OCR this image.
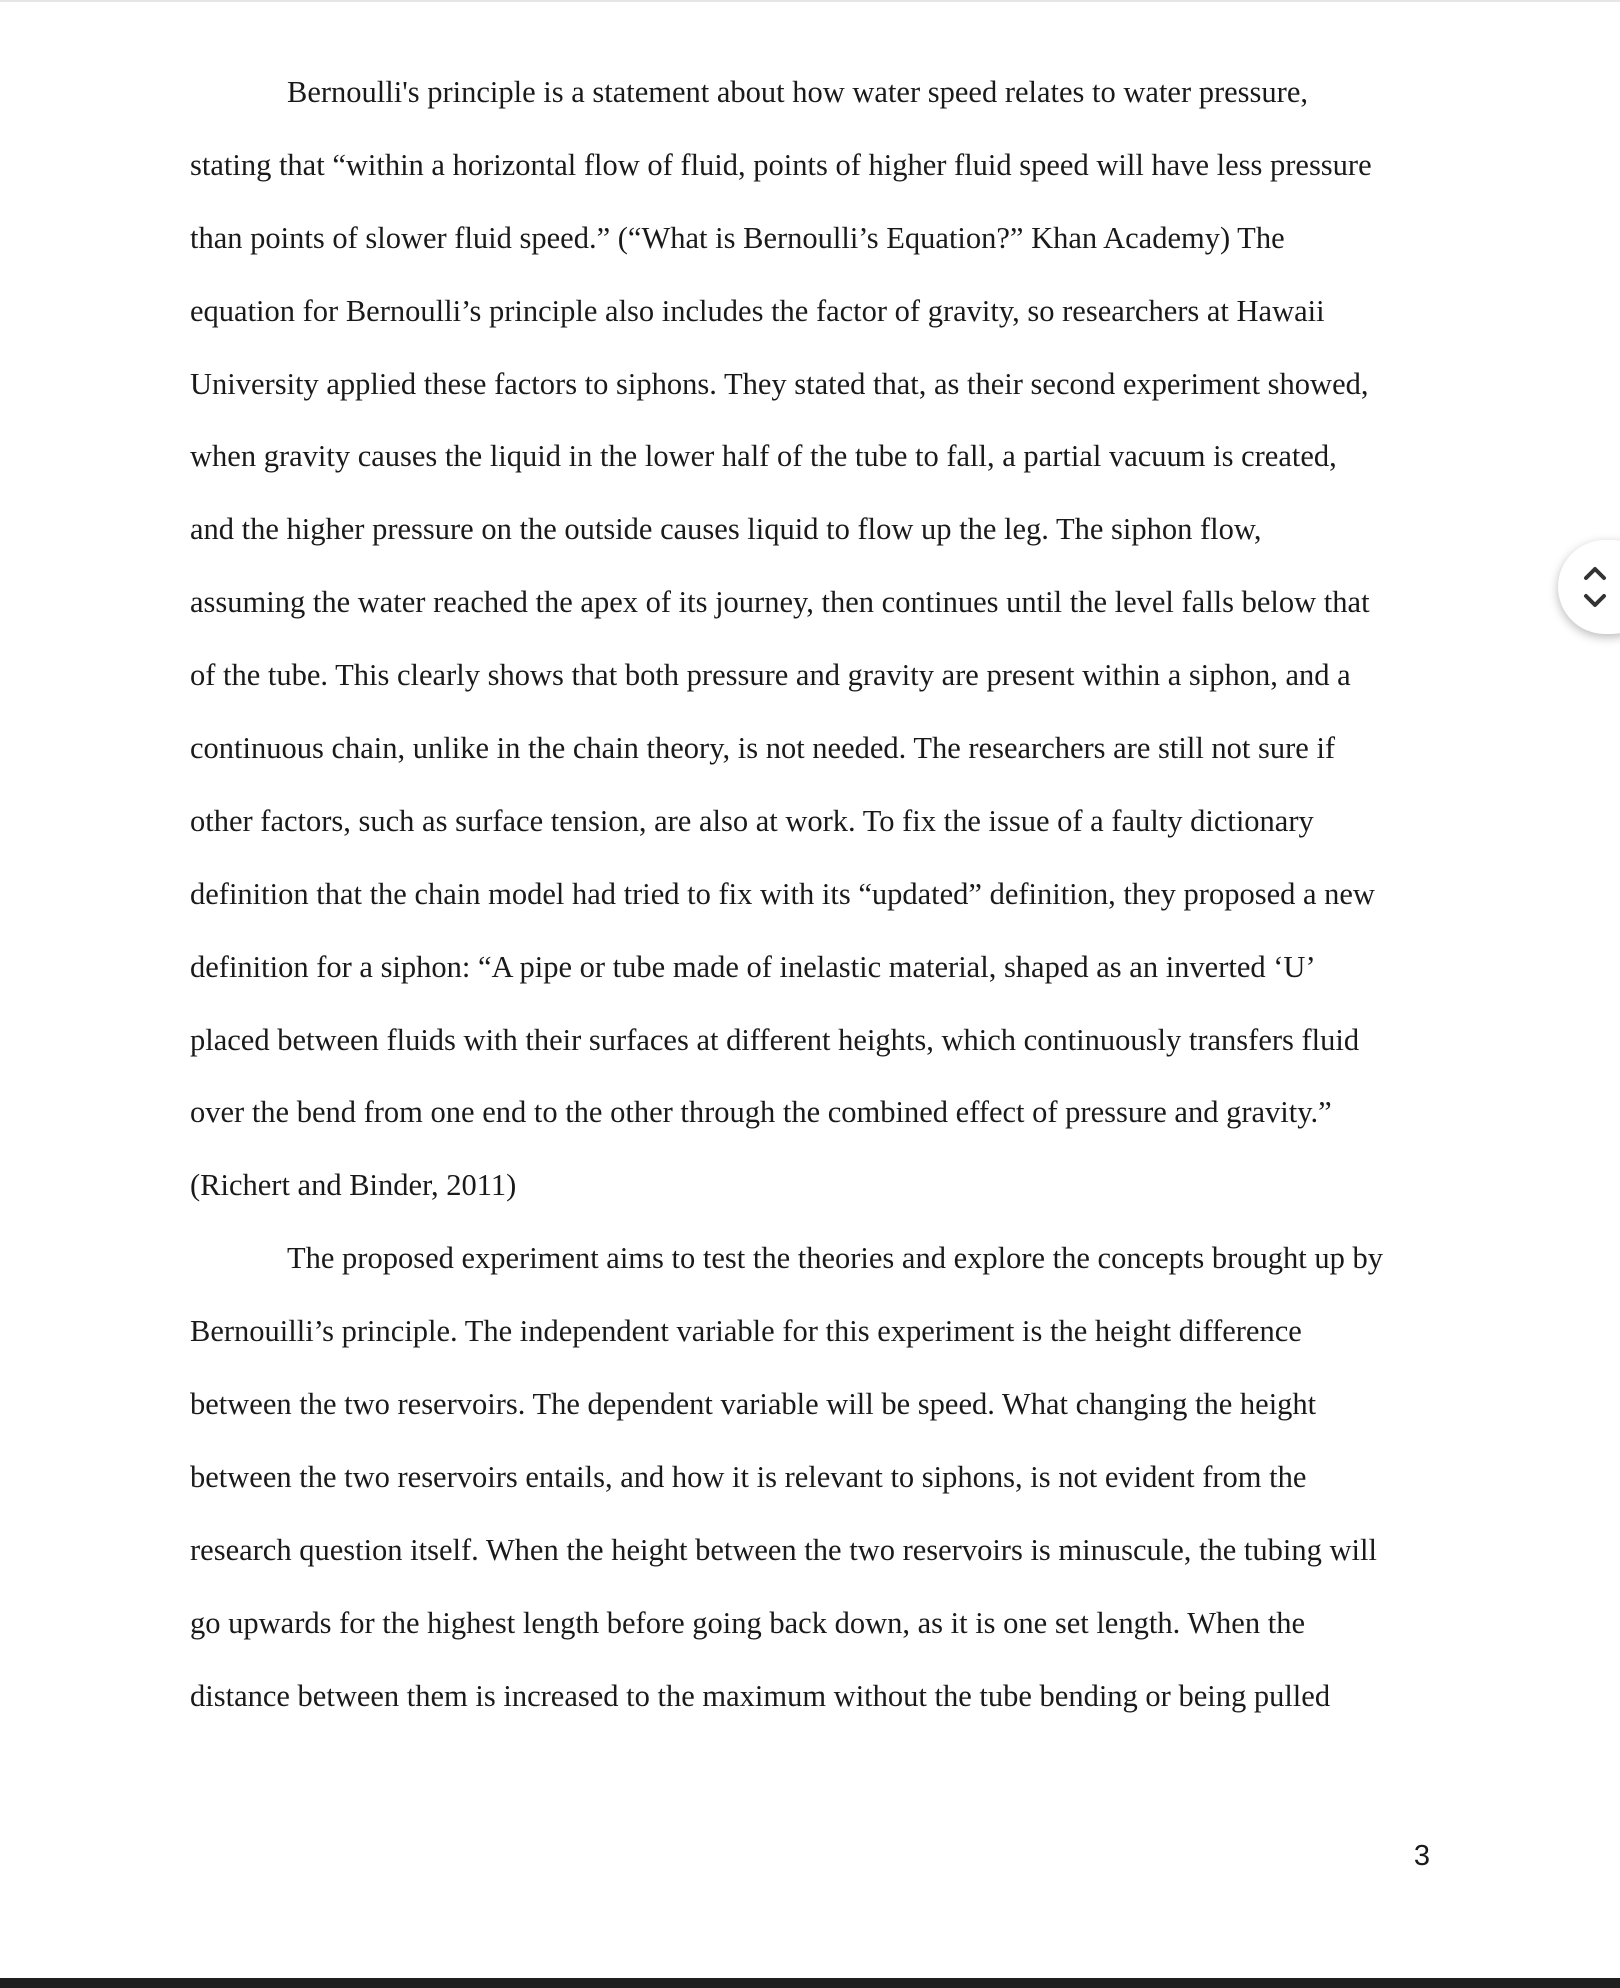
Bernoulli's principle is a statement about how water speed relates to water pressure,
stating that “within a horizontal flow of fluid, points of higher fluid speed will have less pressure
than points of slower fluid speed.” (“What is Bernoulli’s Equation?” Khan Academy) The
equation for Bernoulli’s principle also includes the factor of gravity, so researchers at Hawaii
University applied these factors to siphons. They stated that, as their second experiment showed,
when gravity causes the liquid in the lower half of the tube to fall, a partial vacuum is created,
and the higher pressure on the outside causes liquid to flow up the leg. The siphon flow,
assuming the water reached the apex of its journey, then continues until the level falls below that
of the tube. This clearly shows that both pressure and gravity are present within a siphon, and a
continuous chain, unlike in the chain theory, is not needed. The researchers are still not sure if
other factors, such as surface tension, are also at work. To fix the issue of a faulty dictionary
definition that the chain model had tried to fix with its “updated” definition, they proposed a new
definition for a siphon: “A pipe or tube made of inelastic material, shaped as an inverted ‘U’
placed between fluids with their surfaces at different heights, which continuously transfers fluid
over the bend from one end to the other through the combined effect of pressure and gravity.”
(Richert and Binder, 2011)
The proposed experiment aims to test the theories and explore the concepts brought up by
Bernouilli’s principle. The independent variable for this experiment is the height difference
between the two reservoirs. The dependent variable will be speed. What changing the height
between the two reservoirs entails, and how it is relevant to siphons, is not evident from the
research question itself. When the height between the two reservoirs is minuscule, the tubing will
go upwards for the highest length before going back down, as it is one set length. When the
distance between them is increased to the maximum without the tube bending or being pulled
3
